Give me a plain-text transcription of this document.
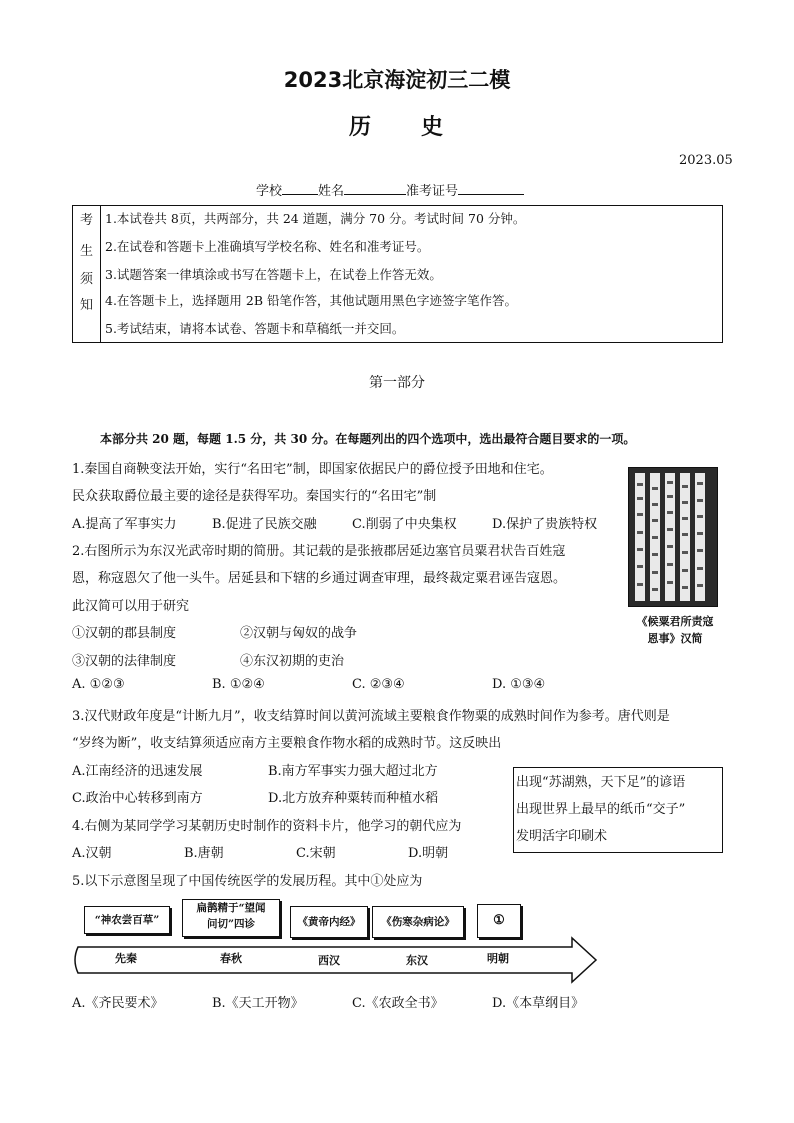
2023北京海淀初三二模
历 史
2023.05
学校	姓名	准考证号
考
生
须
知
1.本试卷共 8页，共两部分，共 24 道题，满分 70 分。考试时间 70 分钟。
2.在试卷和答题卡上准确填写学校名称、姓名和准考证号。
3.试题答案一律填涂或书写在答题卡上，在试卷上作答无效。
4.在答题卡上，选择题用 2B 铅笔作答，其他试题用黑色字迹签字笔作答。
5.考试结束，请将本试卷、答题卡和草稿纸一并交回。
第一部分
本部分共 20 题，每题 1.5 分，共 30 分。在每题列出的四个选项中，选出最符合题目要求的一项。
1.秦国自商鞅变法开始，实行“名田宅”制，即国家依据民户的爵位授予田地和住宅。
民众获取爵位最主要的途径是获得军功。秦国实行的“名田宅”制
A.提高了军事实力	B.促进了民族交融	C.削弱了中央集权	D.保护了贵族特权
《候粟君所责寇
恩事》汉简
2.右图所示为东汉光武帝时期的简册。其记载的是张掖郡居延边塞官员粟君状告百姓寇
恩，称寇恩欠了他一头牛。居延县和下辖的乡通过调查审理，最终裁定粟君诬告寇恩。
此汉简可以用于研究
①汉朝的郡县制度	②汉朝与匈奴的战争
③汉朝的法律制度	④东汉初期的吏治
A. ①②③	B. ①②④	C. ②③④	D. ①③④
3.汉代财政年度是“计断九月”，收支结算时间以黄河流域主要粮食作物粟的成熟时间作为参考。唐代则是
“岁终为断”，收支结算须适应南方主要粮食作物水稻的成熟时节。这反映出
A.江南经济的迅速发展	B.南方军事实力强大超过北方
C.政治中心转移到南方	D.北方放弃种粟转而种植水稻
出现“苏湖熟，天下足”的谚语
出现世界上最早的纸币“交子”
发明活字印刷术
4.右侧为某同学学习某朝历史时制作的资料卡片，他学习的朝代应为
A.汉朝	B.唐朝	C.宋朝	D.明朝
5.以下示意图呈现了中国传统医学的发展历程。其中①处应为
“神农尝百草”
扁鹊精于“望闻
问切”四诊	《黄帝内经》	《伤寒杂病论》	①
先秦	春秋	西汉	东汉	明朝
A.《齐民要术》	B.《天工开物》	C.《农政全书》	D.《本草纲目》
